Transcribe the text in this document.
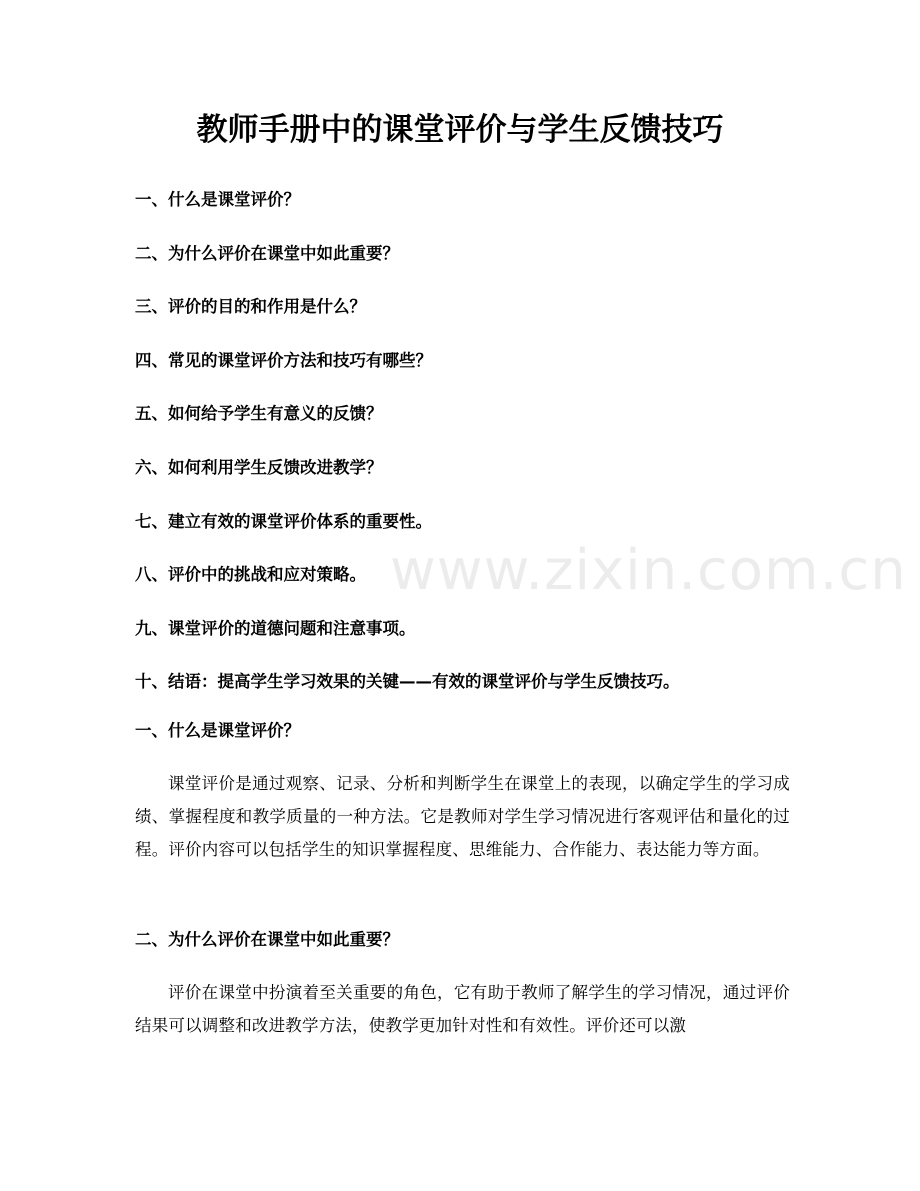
www.zixin.com.cn
教师手册中的课堂评价与学生反馈技巧
一、什么是课堂评价？
二、为什么评价在课堂中如此重要？
三、评价的目的和作用是什么？
四、常见的课堂评价方法和技巧有哪些？
五、如何给予学生有意义的反馈？
六、如何利用学生反馈改进教学？
七、建立有效的课堂评价体系的重要性。
八、评价中的挑战和应对策略。
九、课堂评价的道德问题和注意事项。
十、结语：提高学生学习效果的关键——有效的课堂评价与学生反馈技巧。
一、什么是课堂评价？

课堂评价是通过观察、记录、分析和判断学生在课堂上的表现，以确定学生的学习成绩、掌握程度和教学质量的一种方法。它是教师对学生学习情况进行客观评估和量化的过程。评价内容可以包括学生的知识掌握程度、思维能力、合作能力、表达能力等方面。

二、为什么评价在课堂中如此重要？

评价在课堂中扮演着至关重要的角色，它有助于教师了解学生的学习情况，通过评价结果可以调整和改进教学方法，使教学更加针对性和有效性。评价还可以激
